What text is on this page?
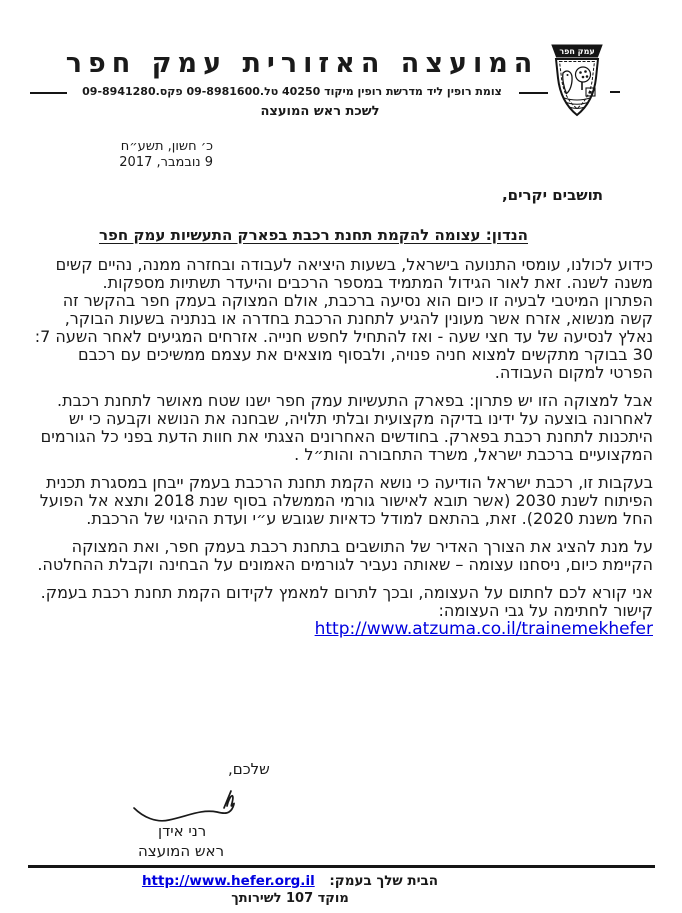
המועצה האזורית עמק חפר	עמק חפר
צומת רופין ליד מדרשת רופין מיקוד 40250 טל.09-8981600 פקס.09-8941280
לשכת ראש המועצה
כ׳ חשון, תשע״ח
9 נובמבר, 2017
תושבים יקרים,
הנדון: עצומה להקמת תחנת רכבת בפארק התעשיות עמק חפר

כידוע לכולנו, עומסי התנועה בישראל, בשעות היציאה לעבודה ובחזרה ממנה, נהיים קשים משנה לשנה. זאת לאור הגידול המתמיד במספר הרכבים והיעדר תשתיות מספקות.

הפתרון המיטבי לבעיה זו כיום הוא נסיעה ברכבת, אולם המצוקה בעמק חפר בהקשר זה קשה מנשוא, אזרח אשר מעונין להגיע לתחנת הרכבת בחדרה או בנתניה בשעות הבוקר, נאלץ לנסיעה של עד חצי שעה - ואז להתחיל לחפש חנייה. אזרחים המגיעים לאחר השעה 7: 30 בבוקר מתקשים למצוא חניה פנויה, ולבסוף מוצאים את עצמם ממשיכים עם רכבם הפרטי למקום העבודה.

אבל למצוקה הזו יש פתרון: בפארק התעשיות עמק חפר ישנו שטח מאושר לתחנת רכבת.

לאחרונה בוצעה על ידינו בדיקה מקצועית ובלתי תלויה, שבחנה את הנושא וקבעה כי יש היתכנות לתחנת רכבת בפארק. בחודשים האחרונים הצגתי את חוות הדעת בפני כל הגורמים המקצועיים ברכבת ישראל, משרד התחבורה והות״ל .

בעקבות זו, רכבת ישראל הודיעה כי נושא הקמת תחנת הרכבת בעמק ייבחן במסגרת תכנית הפיתוח לשנת 2030 (אשר תובא לאישור גורמי הממשלה בסוף שנת 2018 ותצא אל הפועל החל משנת 2020). זאת, בהתאם למודל כדאיות שגובש ע״י ועדת ההיגוי של הרכבת.

על מנת להציג את הצורך האדיר של התושבים בתחנת רכבת בעמק חפר, ואת המצוקה הקיימת כיום, ניסחנו עצומה – שאותה נעביר לגורמים האמונים על הבחינה וקבלת ההחלטה.

אני קורא לכם לחתום על העצומה, ובכך לתרום למאמץ לקידום הקמת תחנת רכבת בעמק.

קישור לחתימה על גבי העצומה:

http://www.atzuma.co.il/trainemekhefer

שלכם,
רני אידן
ראש המועצה
הבית שלך בעמק: http://www.hefer.org.il
מוקד 107 לשירותך
